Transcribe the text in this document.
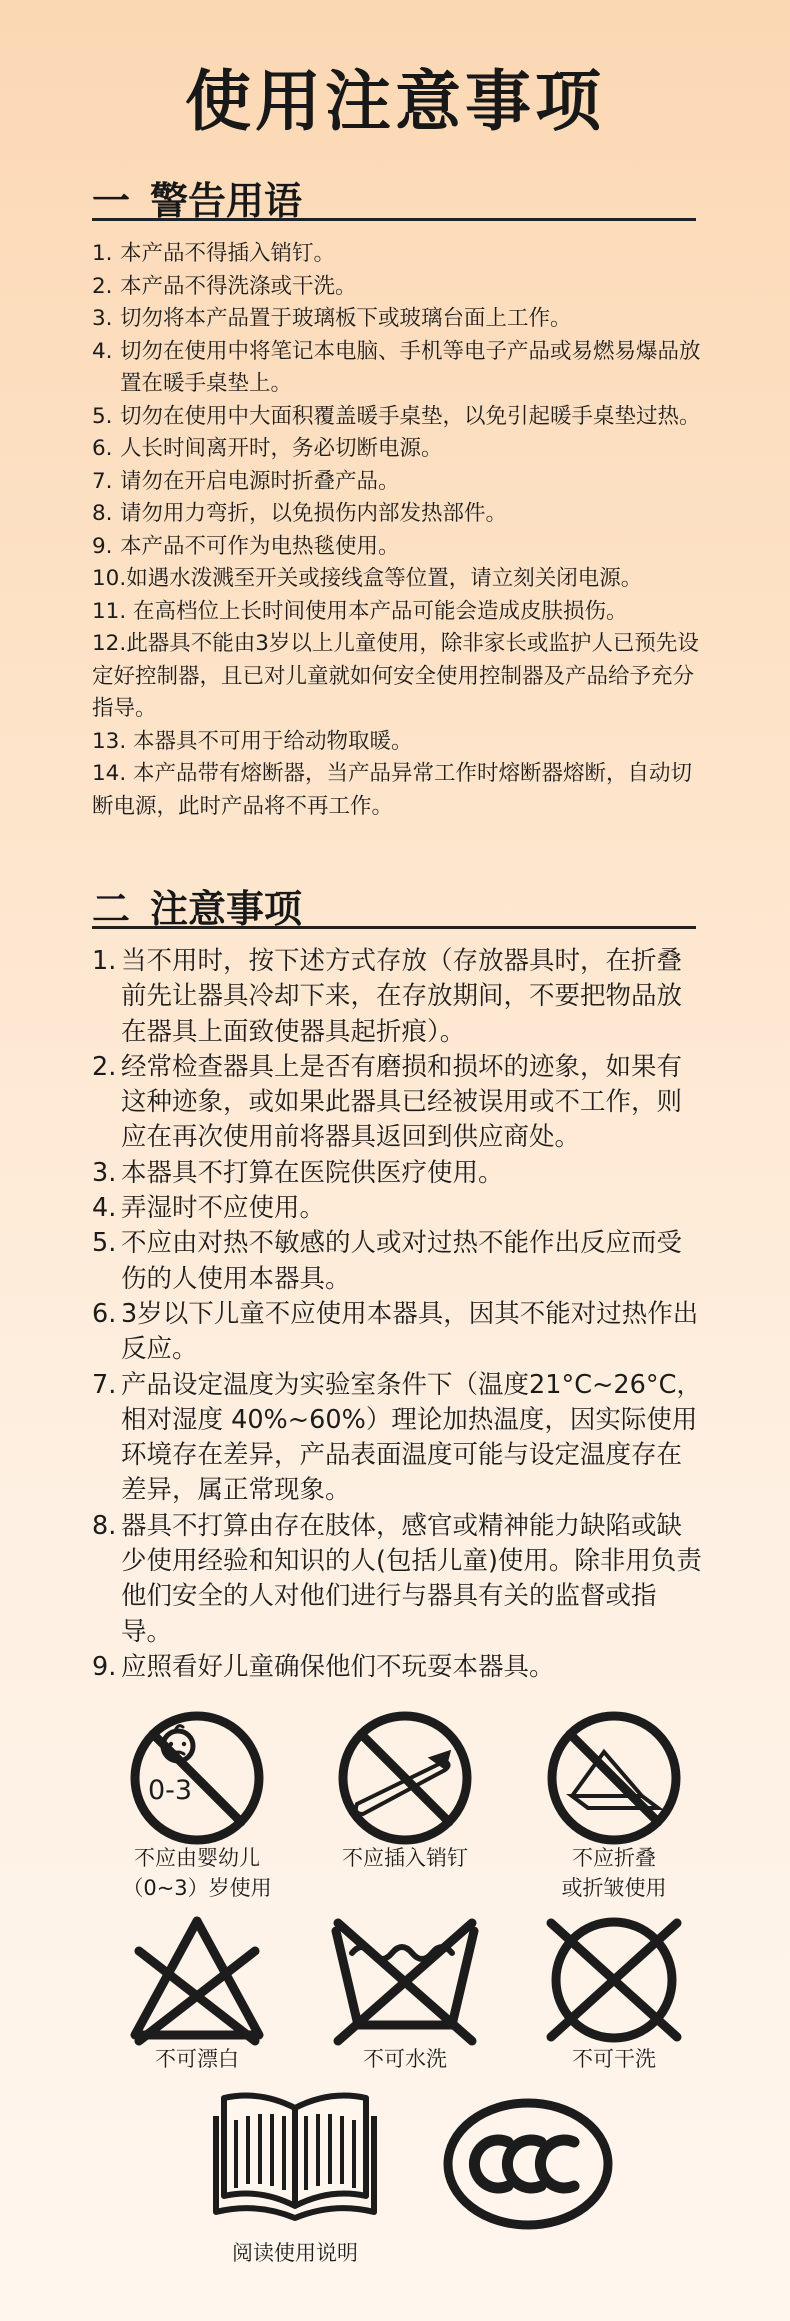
使用注意事项
一 警告用语
1. 本产品不得插入销钉。
2. 本产品不得洗涤或干洗。
3. 切勿将本产品置于玻璃板下或玻璃台面上工作。
4. 切勿在使用中将笔记本电脑、手机等电子产品或易燃易爆品放置在暖手桌垫上。
5. 切勿在使用中大面积覆盖暖手桌垫，以免引起暖手桌垫过热。
6. 人长时间离开时，务必切断电源。
7. 请勿在开启电源时折叠产品。
8. 请勿用力弯折，以免损伤内部发热部件。
9. 本产品不可作为电热毯使用。
10.如遇水泼溅至开关或接线盒等位置，请立刻关闭电源。
11. 在高档位上长时间使用本产品可能会造成皮肤损伤。
12.此器具不能由3岁以上儿童使用，除非家长或监护人已预先设定好控制器，且已对儿童就如何安全使用控制器及产品给予充分指导。
13. 本器具不可用于给动物取暖。
14. 本产品带有熔断器，当产品异常工作时熔断器熔断，自动切断电源，此时产品将不再工作。
二 注意事项
1. 当不用时，按下述方式存放（存放器具时，在折叠前先让器具冷却下来，在存放期间，不要把物品放在器具上面致使器具起折痕）。
2. 经常检查器具上是否有磨损和损坏的迹象，如果有这种迹象，或如果此器具已经被误用或不工作，则应在再次使用前将器具返回到供应商处。
3. 本器具不打算在医院供医疗使用。
4. 弄湿时不应使用。
5. 不应由对热不敏感的人或对过热不能作出反应而受伤的人使用本器具。
6. 3岁以下儿童不应使用本器具，因其不能对过热作出反应。
7. 产品设定温度为实验室条件下（温度21°C~26°C，相对湿度 40%~60%）理论加热温度，因实际使用环境存在差异，产品表面温度可能与设定温度存在差异，属正常现象。
8. 器具不打算由存在肢体，感官或精神能力缺陷或缺少使用经验和知识的人(包括儿童)使用。除非用负责他们安全的人对他们进行与器具有关的监督或指导。
9. 应照看好儿童确保他们不玩耍本器具。
0-3
不应由婴幼儿
（0~3）岁使用
不应插入销钉	不应折叠
或折皱使用
不可漂白	不可水洗	不可干洗
阅读使用说明
